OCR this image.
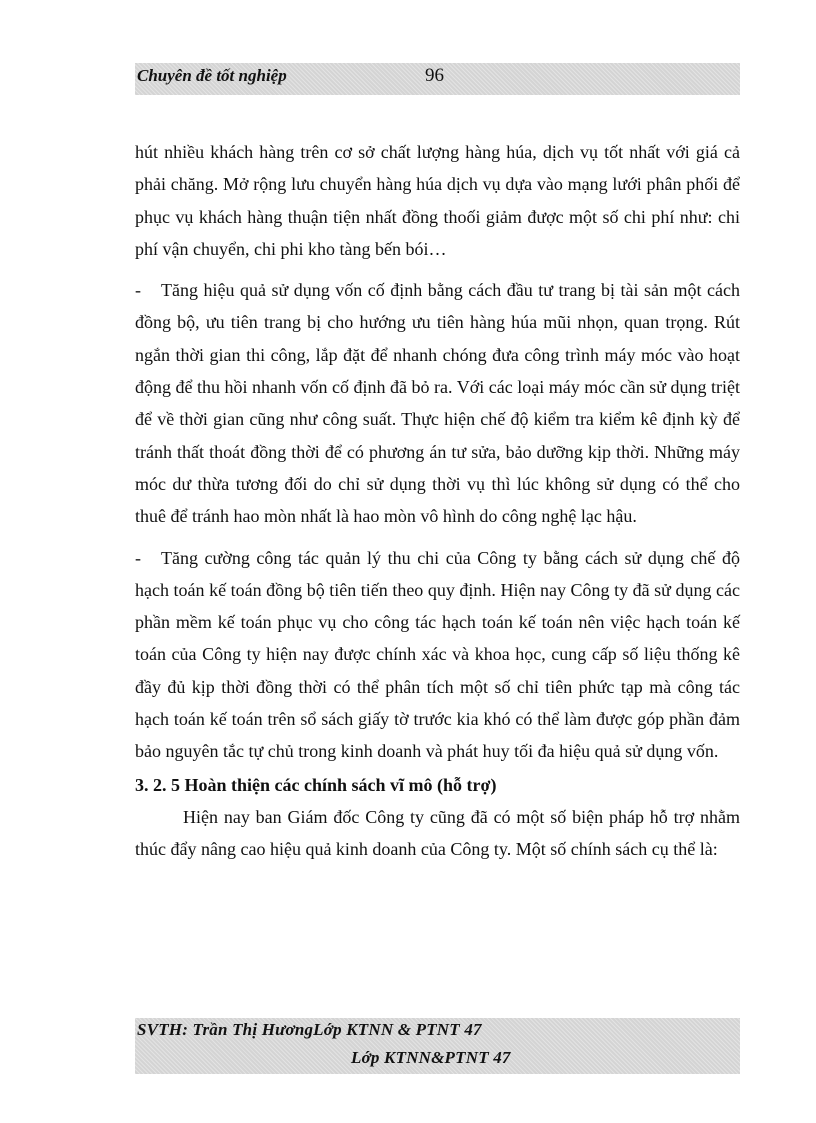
Chuyên đề tốt nghiệp	96

hút nhiều khách hàng trên cơ sở chất lượng hàng húa, dịch vụ tốt nhất với giá cả phải chăng. Mở rộng lưu chuyển hàng húa dịch vụ dựa vào mạng lưới phân phối để phục vụ khách hàng thuận tiện nhất đồng thoối giảm được một số chi phí như: chi phí vận chuyển, chi phi kho tàng bến bói…

- Tăng hiệu quả sử dụng vốn cố định bằng cách đầu tư trang bị tài sản một cách đồng bộ, ưu tiên trang bị cho hướng ưu tiên hàng húa mũi nhọn, quan trọng. Rút ngắn thời gian thi công, lắp đặt để nhanh chóng đưa công trình máy móc vào hoạt động để thu hồi nhanh vốn cố định đã bỏ ra. Với các loại máy móc cần sử dụng triệt để về thời gian cũng như công suất. Thực hiện chế độ kiểm tra kiểm kê định kỳ để tránh thất thoát đồng thời để có phương án tư sửa, bảo dưỡng kịp thời. Những máy móc dư thừa tương đối do chỉ sử dụng thời vụ thì lúc không sử dụng có thể cho thuê để tránh hao mòn nhất là hao mòn vô hình do công nghệ lạc hậu.

- Tăng cường công tác quản lý thu chi của Công ty bằng cách sử dụng chế độ hạch toán kế toán đồng bộ tiên tiến theo quy định. Hiện nay Công ty đã sử dụng các phần mềm kế toán phục vụ cho công tác hạch toán kế toán nên việc hạch toán kế toán của Công ty hiện nay được chính xác và khoa học, cung cấp số liệu thống kê đầy đủ kịp thời đồng thời có thể phân tích một số chỉ tiên phức tạp mà công tác hạch toán kế toán trên sổ sách giấy tờ trước kia khó có thể làm được góp phần đảm bảo nguyên tắc tự chủ trong kinh doanh và phát huy tối đa hiệu quả sử dụng vốn.

3. 2. 5 Hoàn thiện các chính sách vĩ mô (hỗ trợ)

Hiện nay ban Giám đốc Công ty cũng đã có một số biện pháp hỗ trợ nhằm thúc đẩy nâng cao hiệu quả kinh doanh của Công ty. Một số chính sách cụ thể là:

SVTH: Trần Thị HươngLớp KTNN & PTNT 47
Lớp KTNN&PTNT 47
